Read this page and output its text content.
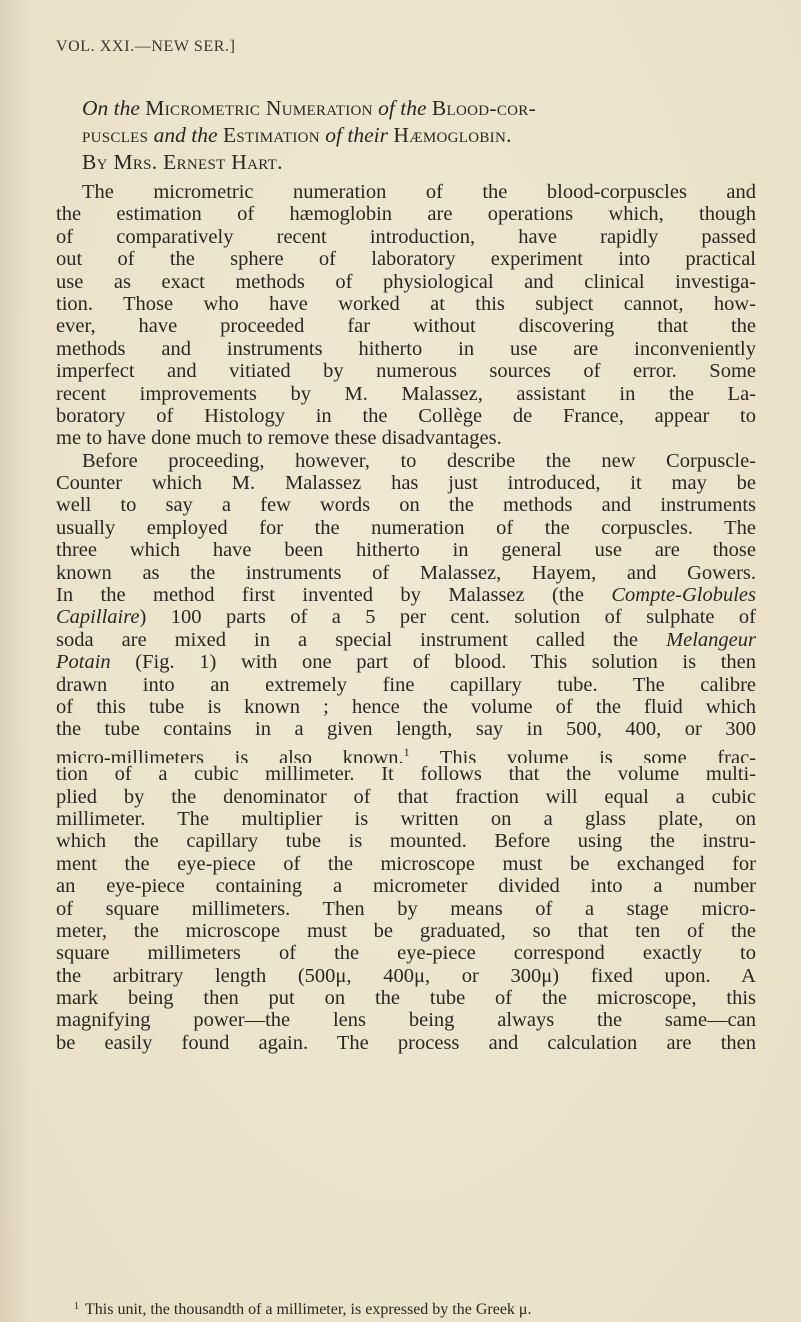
VOL. XXI.—NEW SER.]
On the Micrometric Numeration of the Blood-cor-
puscles and the Estimation of their Hæmoglobin.
By Mrs. Ernest Hart.
The micrometric numeration of the blood-corpuscles and
the estimation of hæmoglobin are operations which, though
of comparatively recent introduction, have rapidly passed
out of the sphere of laboratory experiment into practical
use as exact methods of physiological and clinical investiga-
tion. Those who have worked at this subject cannot, how-
ever, have proceeded far without discovering that the
methods and instruments hitherto in use are inconveniently
imperfect and vitiated by numerous sources of error. Some
recent improvements by M. Malassez, assistant in the La-
boratory of Histology in the Collège de France, appear to
me to have done much to remove these disadvantages.
Before proceeding, however, to describe the new Corpuscle-
Counter which M. Malassez has just introduced, it may be
well to say a few words on the methods and instruments
usually employed for the numeration of the corpuscles. The
three which have been hitherto in general use are those
known as the instruments of Malassez, Hayem, and Gowers.
In the method first invented by Malassez (the Compte-Globules
Capillaire) 100 parts of a 5 per cent. solution of sulphate of
soda are mixed in a special instrument called the Melangeur
Potain (Fig. 1) with one part of blood. This solution is then
drawn into an extremely fine capillary tube. The calibre
of this tube is known ; hence the volume of the fluid which
the tube contains in a given length, say in 500, 400, or 300
micro-millimeters is also known.$^1$ This volume is some frac-
tion of a cubic millimeter. It follows that the volume multi-
plied by the denominator of that fraction will equal a cubic
millimeter. The multiplier is written on a glass plate, on
which the capillary tube is mounted. Before using the instru-
ment the eye-piece of the microscope must be exchanged for
an eye-piece containing a micrometer divided into a number
of square millimeters. Then by means of a stage micro-
meter, the microscope must be graduated, so that ten of the
square millimeters of the eye-piece correspond exactly to
the arbitrary length (500μ, 400μ, or 300μ) fixed upon. A
mark being then put on the tube of the microscope, this
magnifying power—the lens being always the same—can
be easily found again. The process and calculation are then
$^1$ This unit, the thousandth of a millimeter, is expressed by the Greek μ.
